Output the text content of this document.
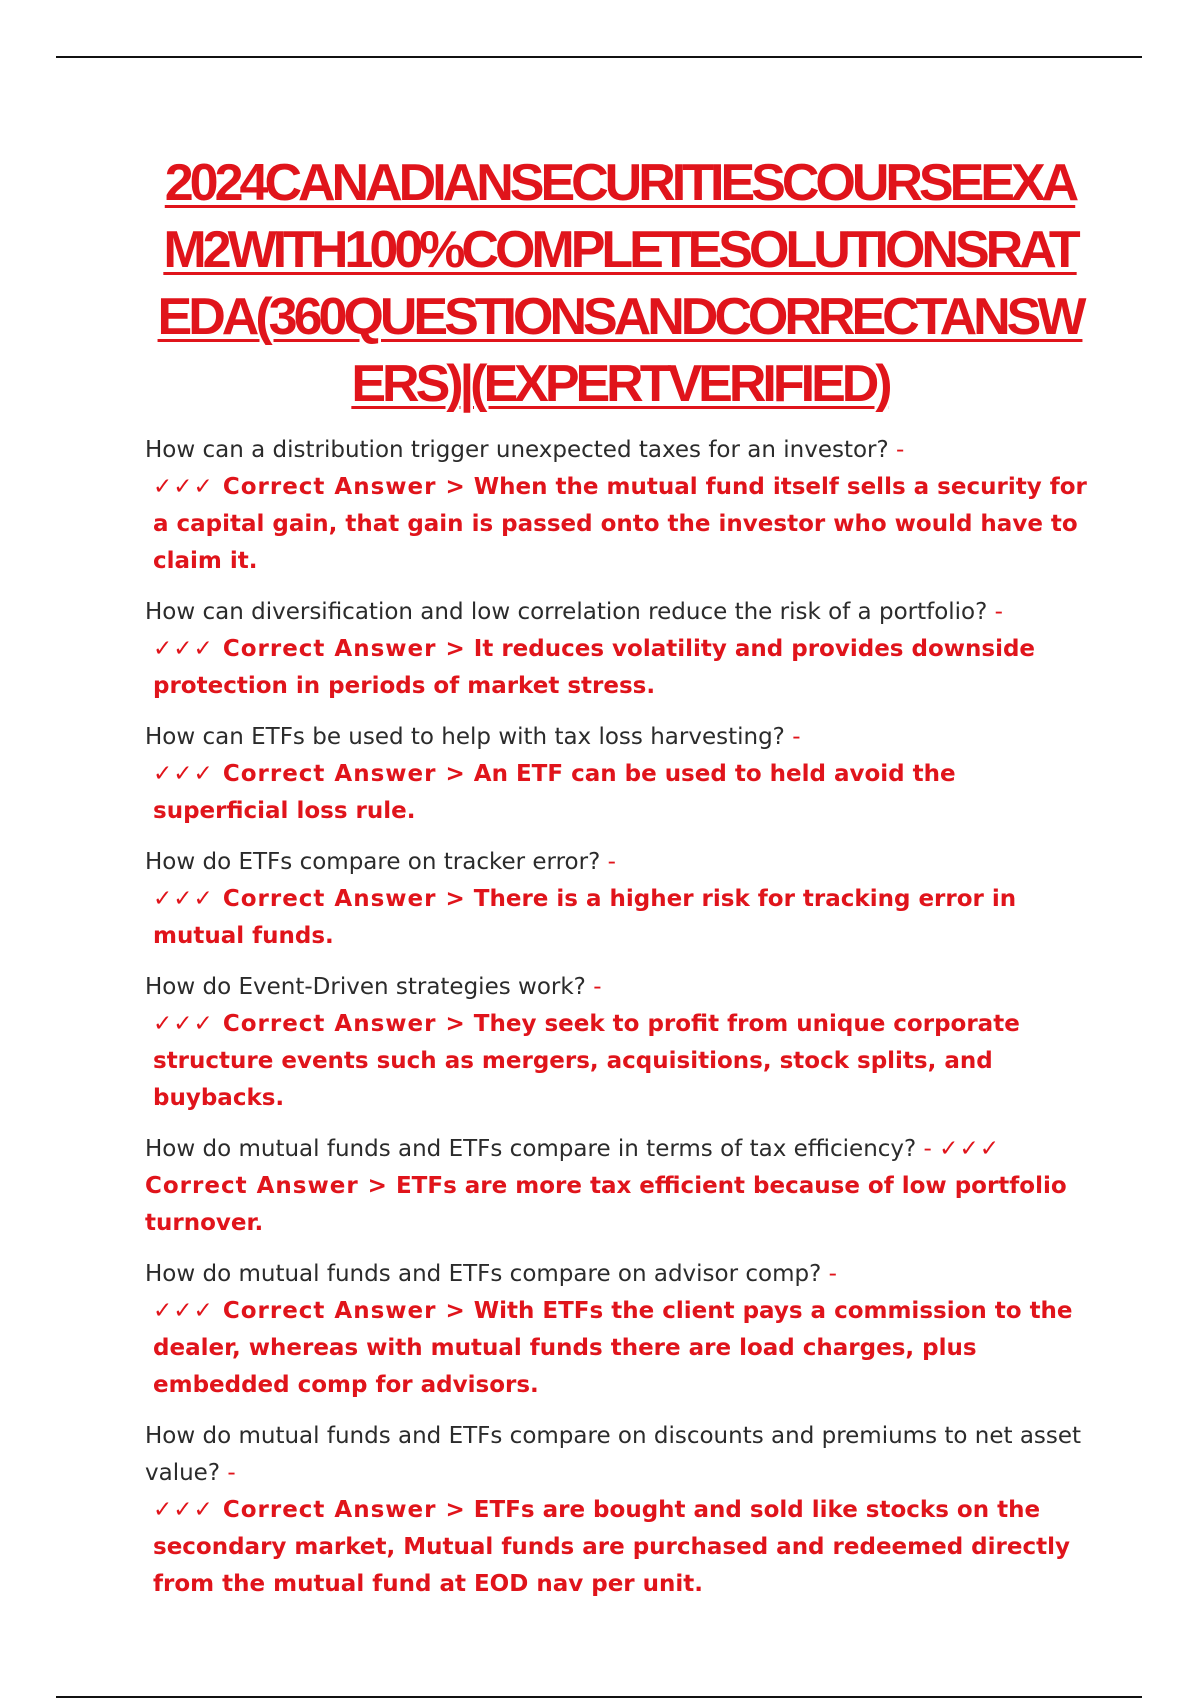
2024CANADIANSECURITIESCOURSEEXAM2WITH100%COMPLETESOLUTIONSRATEDA(360QUESTIONSANDCORRECTANSWERS)|(EXPERTVERIFIED)

How can a distribution trigger unexpected taxes for an investor? -

✓✓✓ Correct Answer > When the mutual fund itself sells a security for a capital gain, that gain is passed onto the investor who would have to claim it.

How can diversification and low correlation reduce the risk of a portfolio? -

✓✓✓ Correct Answer > It reduces volatility and provides downside protection in periods of market stress.

How can ETFs be used to help with tax loss harvesting? -

✓✓✓ Correct Answer > An ETF can be used to held avoid the superficial loss rule.

How do ETFs compare on tracker error? -

✓✓✓ Correct Answer > There is a higher risk for tracking error in mutual funds.

How do Event-Driven strategies work? -

✓✓✓ Correct Answer > They seek to profit from unique corporate structure events such as mergers, acquisitions, stock splits, and buybacks.

How do mutual funds and ETFs compare in terms of tax efficiency? - ✓✓✓ Correct Answer > ETFs are more tax efficient because of low portfolio turnover.

How do mutual funds and ETFs compare on advisor comp? -

✓✓✓ Correct Answer > With ETFs the client pays a commission to the dealer, whereas with mutual funds there are load charges, plus embedded comp for advisors.

How do mutual funds and ETFs compare on discounts and premiums to net asset value? -

✓✓✓ Correct Answer > ETFs are bought and sold like stocks on the secondary market, Mutual funds are purchased and redeemed directly from the mutual fund at EOD nav per unit.
